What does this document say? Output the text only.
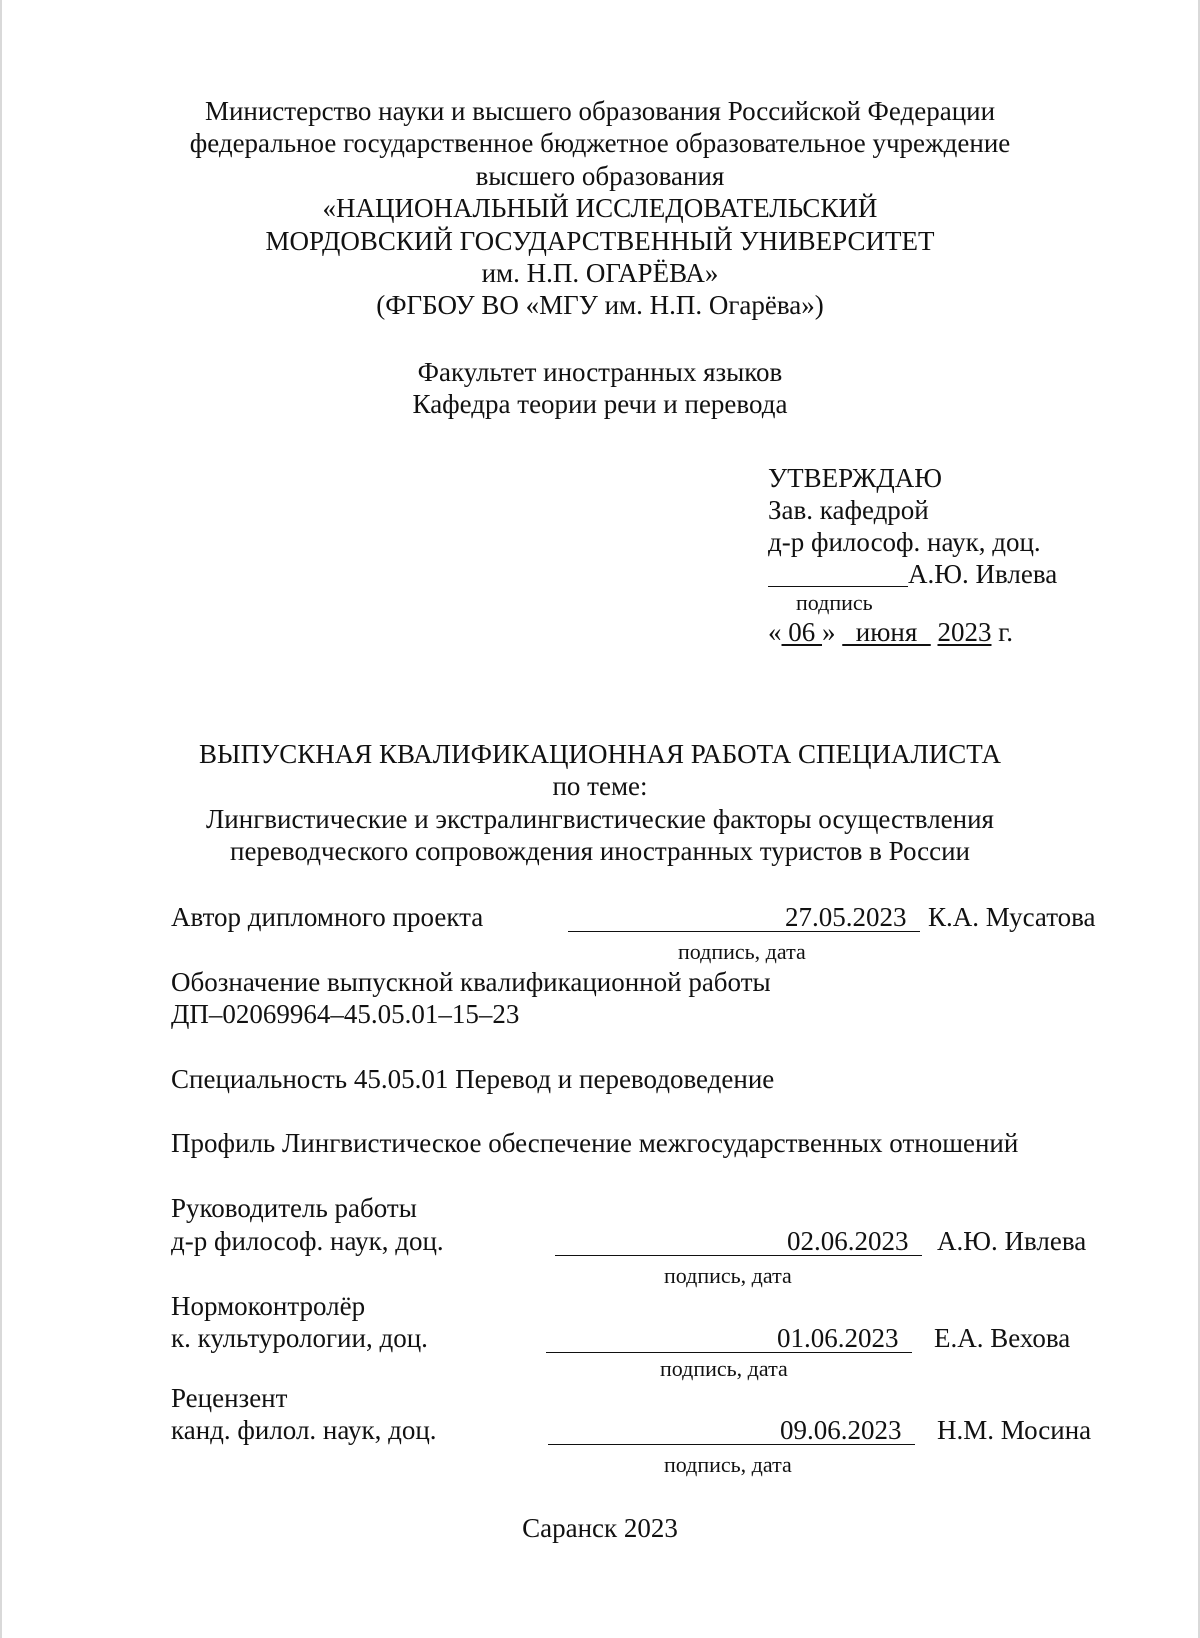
Министерство науки и высшего образования Российской Федерации
федеральное государственное бюджетное образовательное учреждение
высшего образования
«НАЦИОНАЛЬНЫЙ ИССЛЕДОВАТЕЛЬСКИЙ
МОРДОВСКИЙ ГОСУДАРСТВЕННЫЙ УНИВЕРСИТЕТ
им. Н.П. ОГАРЁВА»
(ФГБОУ ВО «МГУ им. Н.П. Огарёва»)
Факультет иностранных языков
Кафедра теории речи и перевода
УТВЕРЖДАЮ
Зав. кафедрой
д-р философ. наук, доц.
А.Ю. Ивлева
подпись
« 06 »   июня   2023 г.
ВЫПУСКНАЯ КВАЛИФИКАЦИОННАЯ РАБОТА СПЕЦИАЛИСТА
по теме:
Лингвистические и экстралингвистические факторы осуществления
переводческого сопровождения иностранных туристов в России
Автор дипломного проекта	27.05.2023 К.А. Мусатова
подпись, дата
Обозначение выпускной квалификационной работы
ДП–02069964–45.05.01–15–23
Специальность 45.05.01 Перевод и переводоведение
Профиль Лингвистическое обеспечение межгосударственных отношений
Руководитель работы
д-р философ. наук, доц.	02.06.2023	А.Ю. Ивлева
подпись, дата
Нормоконтролёр
к. культурологии, доц.	01.06.2023	Е.А. Вехова
подпись, дата
Рецензент
канд. филол. наук, доц.	09.06.2023	Н.М. Мосина
подпись, дата
Саранск 2023
